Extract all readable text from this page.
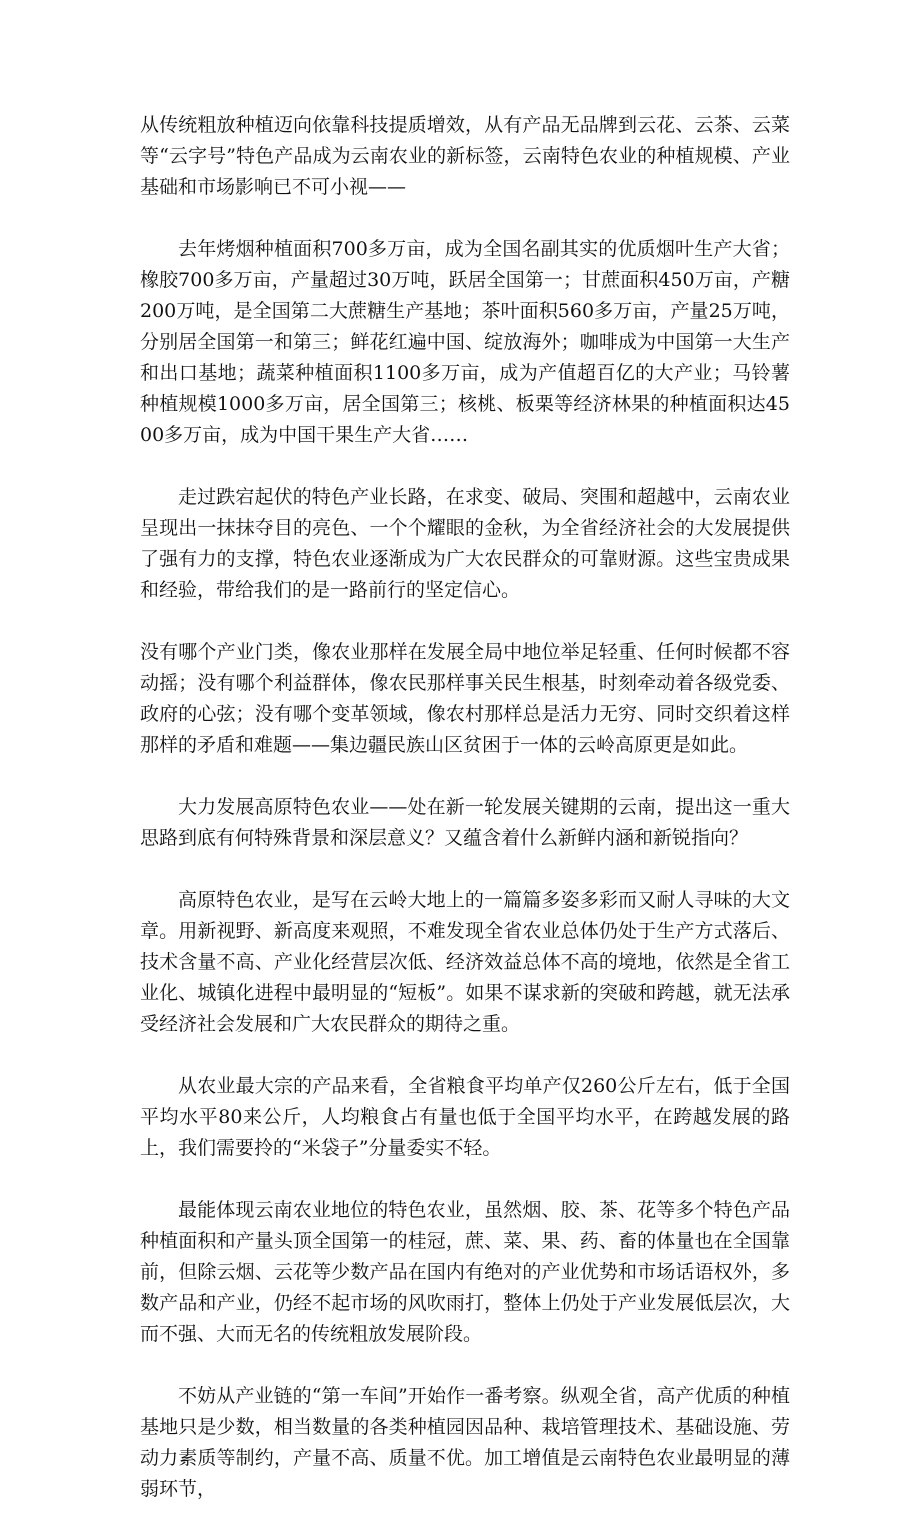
从传统粗放种植迈向依靠科技提质增效，从有产品无品牌到云花、云茶、云菜等“云字号”特色产品成为云南农业的新标签，云南特色农业的种植规模、产业基础和市场影响已不可小视——

去年烤烟种植面积700多万亩，成为全国名副其实的优质烟叶生产大省；橡胶700多万亩，产量超过30万吨，跃居全国第一；甘蔗面积450万亩，产糖200万吨，是全国第二大蔗糖生产基地；茶叶面积560多万亩，产量25万吨，分别居全国第一和第三；鲜花红遍中国、绽放海外；咖啡成为中国第一大生产和出口基地；蔬菜种植面积1100多万亩，成为产值超百亿的大产业；马铃薯种植规模1000多万亩，居全国第三；核桃、板栗等经济林果的种植面积达4500多万亩，成为中国干果生产大省……

走过跌宕起伏的特色产业长路，在求变、破局、突围和超越中，云南农业呈现出一抹抹夺目的亮色、一个个耀眼的金秋，为全省经济社会的大发展提供了强有力的支撑，特色农业逐渐成为广大农民群众的可靠财源。这些宝贵成果和经验，带给我们的是一路前行的坚定信心。

没有哪个产业门类，像农业那样在发展全局中地位举足轻重、任何时候都不容动摇；没有哪个利益群体，像农民那样事关民生根基，时刻牵动着各级党委、政府的心弦；没有哪个变革领域，像农村那样总是活力无穷、同时交织着这样那样的矛盾和难题——集边疆民族山区贫困于一体的云岭高原更是如此。

大力发展高原特色农业——处在新一轮发展关键期的云南，提出这一重大思路到底有何特殊背景和深层意义？又蕴含着什么新鲜内涵和新锐指向？

高原特色农业，是写在云岭大地上的一篇篇多姿多彩而又耐人寻味的大文章。用新视野、新高度来观照，不难发现全省农业总体仍处于生产方式落后、技术含量不高、产业化经营层次低、经济效益总体不高的境地，依然是全省工业化、城镇化进程中最明显的“短板”。如果不谋求新的突破和跨越，就无法承受经济社会发展和广大农民群众的期待之重。

从农业最大宗的产品来看，全省粮食平均单产仅260公斤左右，低于全国平均水平80来公斤，人均粮食占有量也低于全国平均水平，在跨越发展的路上，我们需要拎的“米袋子”分量委实不轻。

最能体现云南农业地位的特色农业，虽然烟、胶、茶、花等多个特色产品种植面积和产量头顶全国第一的桂冠，蔗、菜、果、药、畜的体量也在全国靠前，但除云烟、云花等少数产品在国内有绝对的产业优势和市场话语权外，多数产品和产业，仍经不起市场的风吹雨打，整体上仍处于产业发展低层次，大而不强、大而无名的传统粗放发展阶段。

不妨从产业链的“第一车间”开始作一番考察。纵观全省，高产优质的种植基地只是少数，相当数量的各类种植园因品种、栽培管理技术、基础设施、劳动力素质等制约，产量不高、质量不优。加工增值是云南特色农业最明显的薄弱环节，
